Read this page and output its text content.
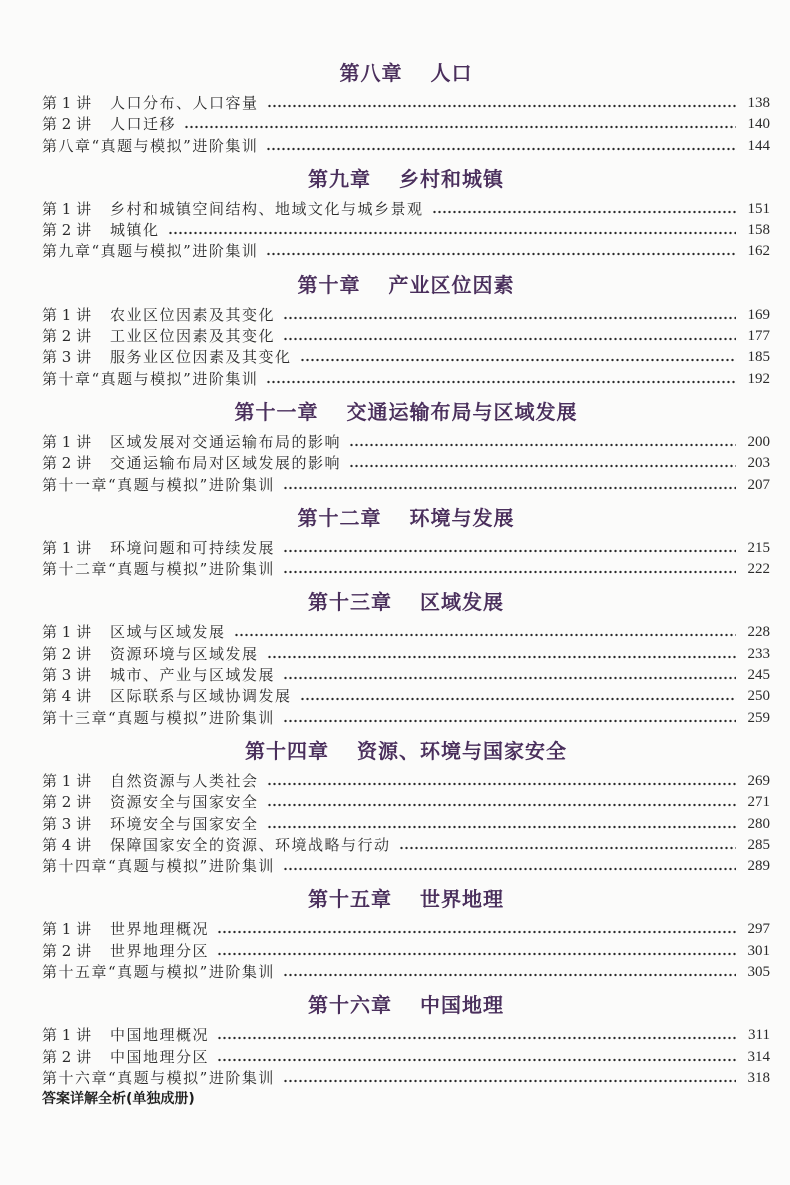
第八章 人口
第 1 讲	人口分布、人口容量	138
第 2 讲	人口迁移	140
第八章“真题与模拟”进阶集训	144
第九章 乡村和城镇
第 1 讲	乡村和城镇空间结构、地域文化与城乡景观	151
第 2 讲	城镇化	158
第九章“真题与模拟”进阶集训	162
第十章 产业区位因素
第 1 讲	农业区位因素及其变化	169
第 2 讲	工业区位因素及其变化	177
第 3 讲	服务业区位因素及其变化	185
第十章“真题与模拟”进阶集训	192
第十一章 交通运输布局与区域发展
第 1 讲	区域发展对交通运输布局的影响	200
第 2 讲	交通运输布局对区域发展的影响	203
第十一章“真题与模拟”进阶集训	207
第十二章 环境与发展
第 1 讲	环境问题和可持续发展	215
第十二章“真题与模拟”进阶集训	222
第十三章 区域发展
第 1 讲	区域与区域发展	228
第 2 讲	资源环境与区域发展	233
第 3 讲	城市、产业与区域发展	245
第 4 讲	区际联系与区域协调发展	250
第十三章“真题与模拟”进阶集训	259
第十四章 资源、环境与国家安全
第 1 讲	自然资源与人类社会	269
第 2 讲	资源安全与国家安全	271
第 3 讲	环境安全与国家安全	280
第 4 讲	保障国家安全的资源、环境战略与行动	285
第十四章“真题与模拟”进阶集训	289
第十五章 世界地理
第 1 讲	世界地理概况	297
第 2 讲	世界地理分区	301
第十五章“真题与模拟”进阶集训	305
第十六章 中国地理
第 1 讲	中国地理概况	311
第 2 讲	中国地理分区	314
第十六章“真题与模拟”进阶集训	318
答案详解全析(单独成册)
